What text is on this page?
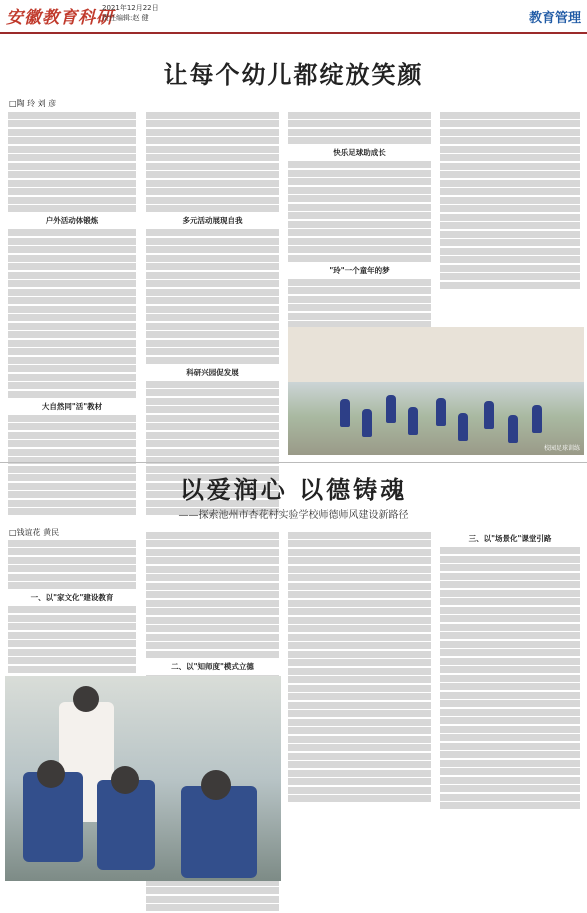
安徽教育科研
2021年12月22日
责任编辑:赵 健	教育管理
让每个幼儿都绽放笑颜
□陶 玲 刘 彦
户外活动体锻炼
大自然同"活"教材
多元活动展现自我
科研兴园促发展
快乐足球助成长
"玲"一个童年的梦
校园足球训练
以爱润心 以德铸魂
——探索池州市杏花村实验学校师德师风建设新路径
□钱谊花 黄民
一、以"家文化"建设教育
二、以"知师度"模式立德
三、以"场景化"课堂引路
